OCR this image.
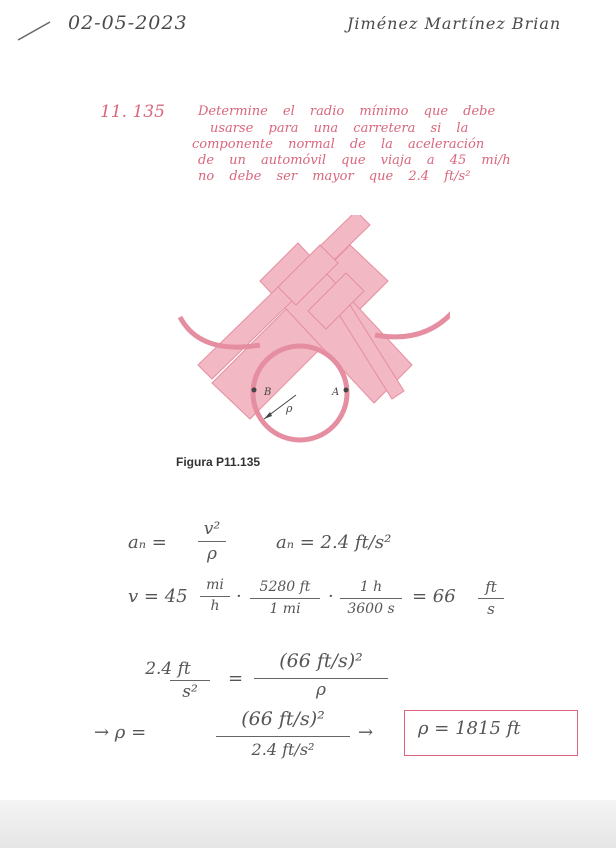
02-05-2023	Jiménez Martínez Brian
11. 135	Determine el radio mínimo que debe
usarse para una carretera si la
componente normal de la aceleración
de un automóvil que viaja a 45 mi/h
no debe ser mayor que 2.4 ft/s²
B	A
ρ
Figura P11.135
aₙ =
v²
ρ
aₙ = 2.4 ft/s²
v = 45
mi
h ·	5280 ft
1 mi
·	1 h
3600 s
= 66	ft
s
2.4 ft
s²
=
(66 ft/s)²
ρ
→ ρ =
(66 ft/s)²
2.4 ft/s²
→ ρ = 1815 ft
